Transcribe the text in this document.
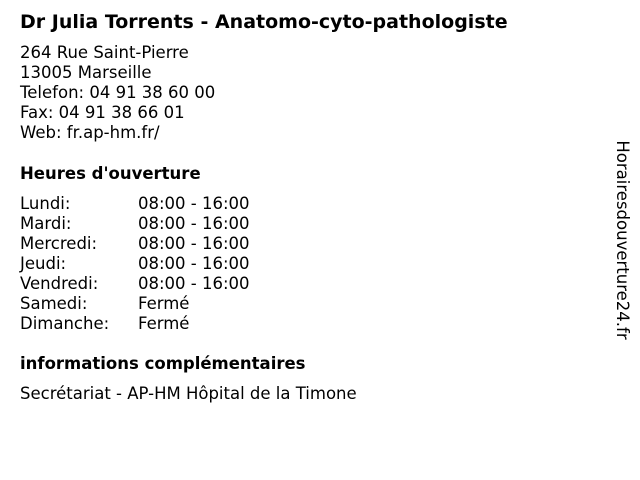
Dr Julia Torrents - Anatomo-cyto-pathologiste
264 Rue Saint-Pierre
13005 Marseille
Telefon: 04 91 38 60 00
Fax: 04 91 38 66 01
Web: fr.ap-hm.fr/
Heures d'ouverture
Lundi:	08:00 - 16:00
Mardi:	08:00 - 16:00
Mercredi: 08:00 - 16:00
Jeudi:	08:00 - 16:00
Vendredi: 08:00 - 16:00
Samedi:	Fermé
Dimanche: Fermé
informations complémentaires
Secrétariat - AP-HM Hôpital de la Timone
Horairesdouverture24.fr
